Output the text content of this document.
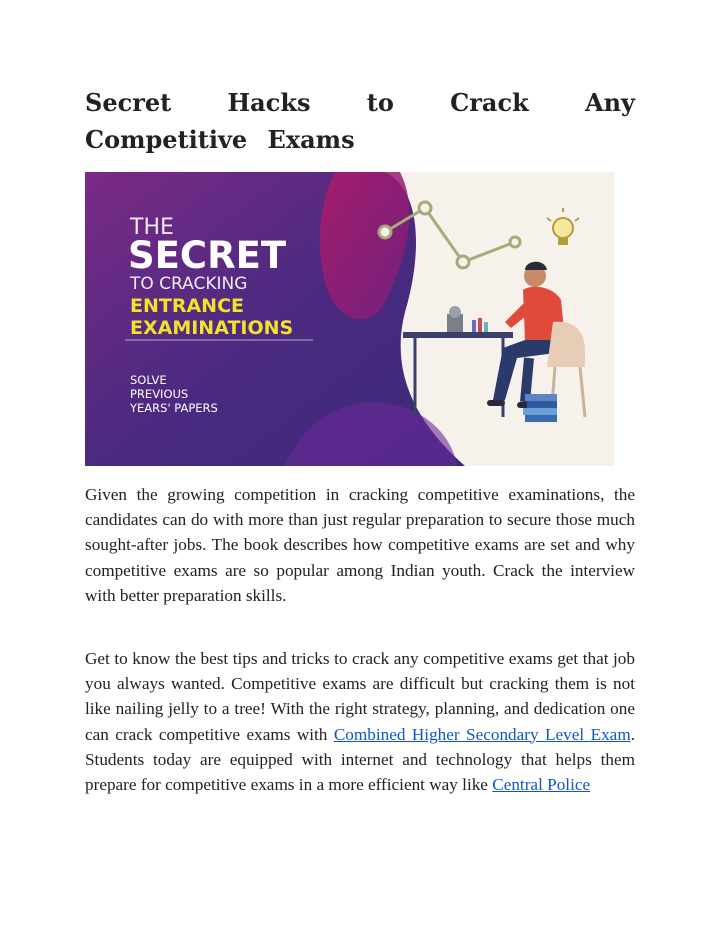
Secret Hacks to Crack Any Competitive Exams
THE
SECRET
TO CRACKING
ENTRANCE
EXAMINATIONS
SOLVE
PREVIOUS
YEARS' PAPERS

Given the growing competition in cracking competitive examinations, the candidates can do with more than just regular preparation to secure those much sought-after jobs. The book describes how competitive exams are set and why competitive exams are so popular among Indian youth. Crack the interview with better preparation skills.

Get to know the best tips and tricks to crack any competitive exams get that job you always wanted. Competitive exams are difficult but cracking them is not like nailing jelly to a tree! With the right strategy, planning, and dedication one can crack competitive exams with Combined Higher Secondary Level Exam. Students today are equipped with internet and technology that helps them prepare for competitive exams in a more efficient way like Central Police
